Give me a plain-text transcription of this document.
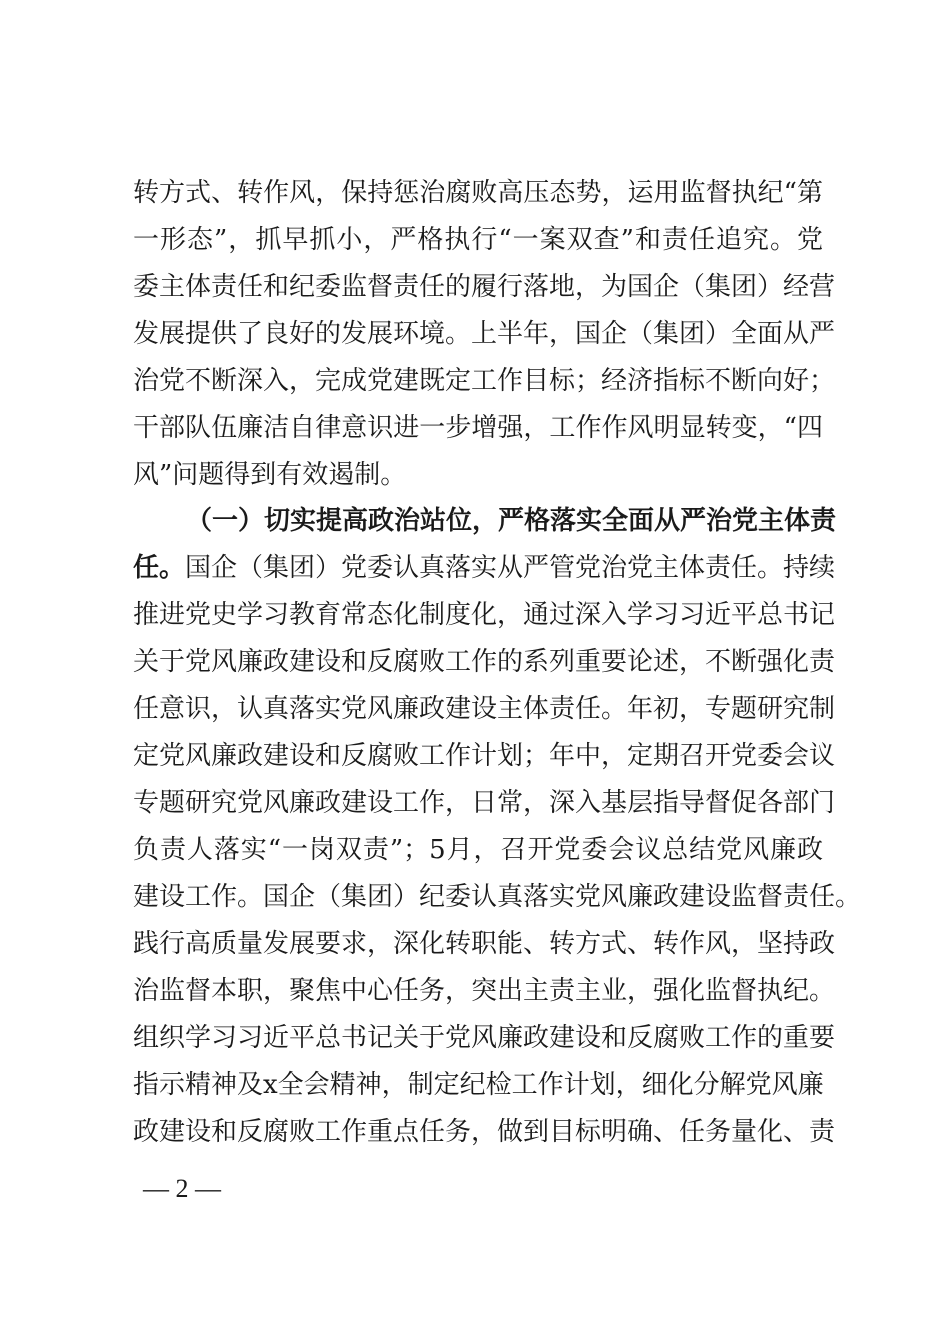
转方式、转作风，保持惩治腐败高压态势，运用监督执纪“第
一形态”，抓早抓小，严格执行“一案双查”和责任追究。党
委主体责任和纪委监督责任的履行落地，为国企（集团）经营
发展提供了良好的发展环境。上半年，国企（集团）全面从严
治党不断深入，完成党建既定工作目标；经济指标不断向好；
干部队伍廉洁自律意识进一步增强，工作作风明显转变，“四
风”问题得到有效遏制。
（一）切实提高政治站位，严格落实全面从严治党主体责
任。国企（集团）党委认真落实从严管党治党主体责任。持续
推进党史学习教育常态化制度化，通过深入学习习近平总书记
关于党风廉政建设和反腐败工作的系列重要论述，不断强化责
任意识，认真落实党风廉政建设主体责任。年初，专题研究制
定党风廉政建设和反腐败工作计划；年中，定期召开党委会议
专题研究党风廉政建设工作，日常，深入基层指导督促各部门
负责人落实“一岗双责”；5月，召开党委会议总结党风廉政
建设工作。国企（集团）纪委认真落实党风廉政建设监督责任。
践行高质量发展要求，深化转职能、转方式、转作风，坚持政
治监督本职，聚焦中心任务，突出主责主业，强化监督执纪。
组织学习习近平总书记关于党风廉政建设和反腐败工作的重要
指示精神及x全会精神，制定纪检工作计划，细化分解党风廉
政建设和反腐败工作重点任务，做到目标明确、任务量化、责
— 2 —
